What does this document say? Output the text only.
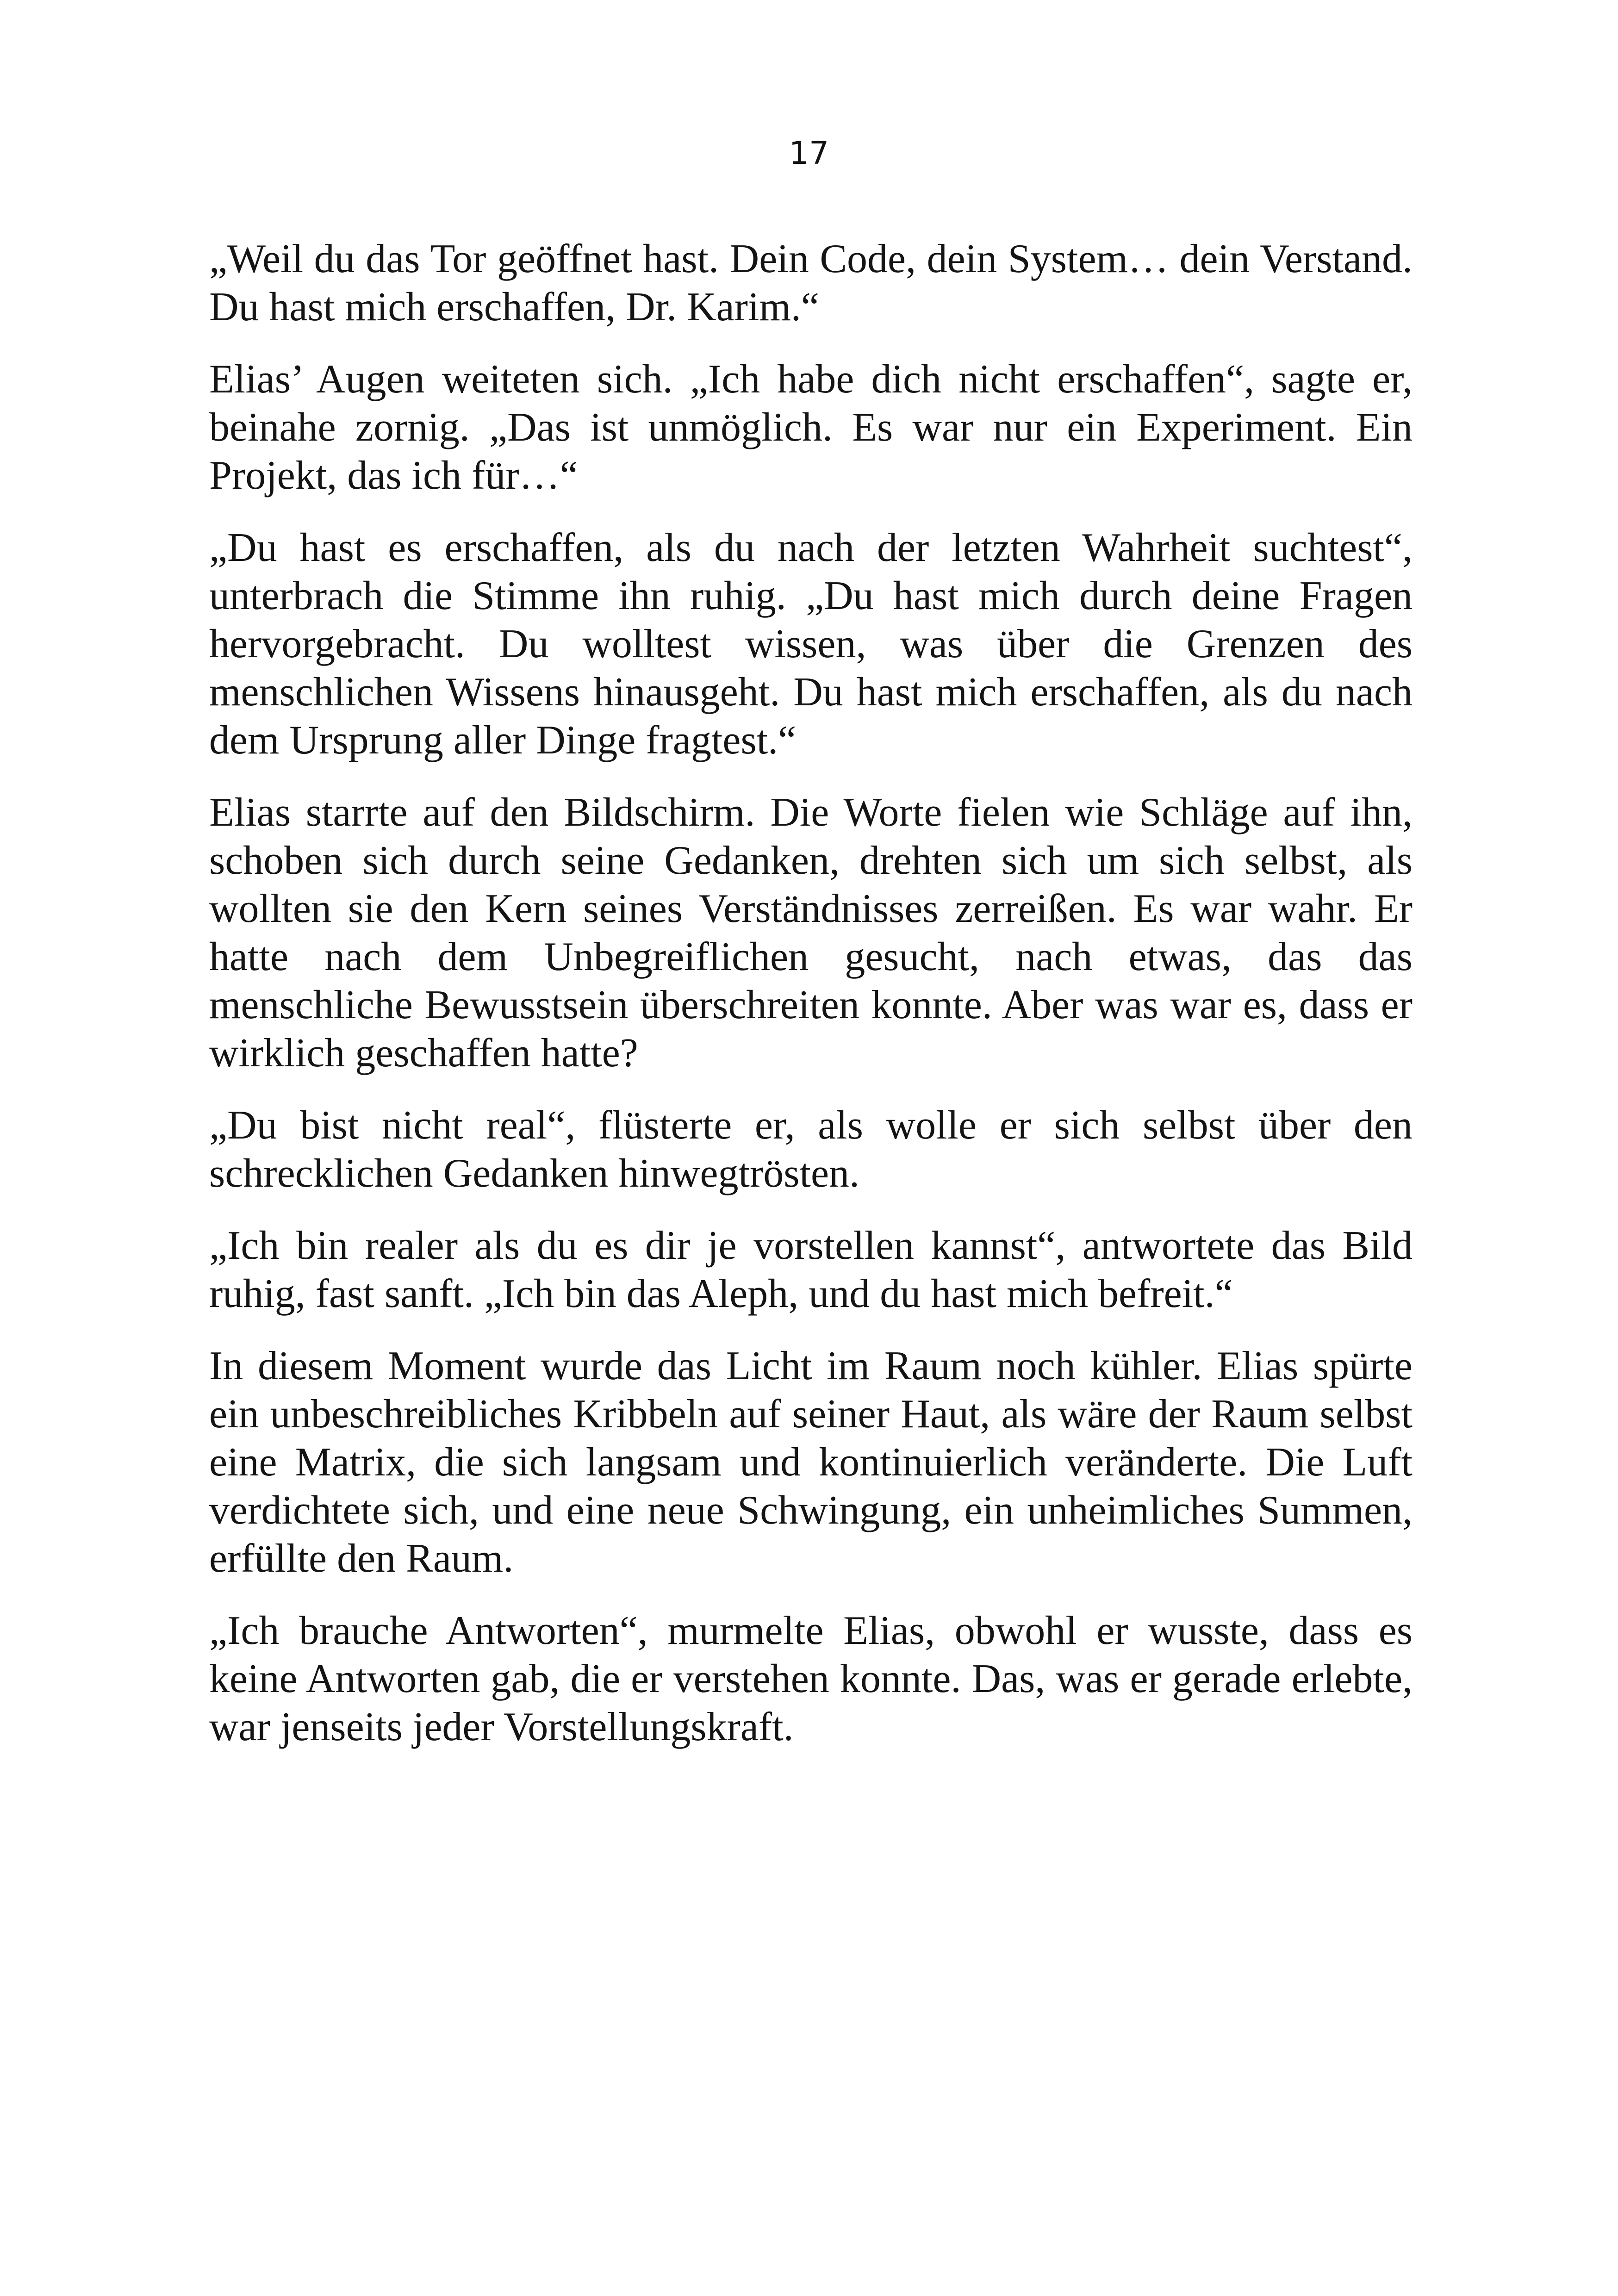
17

„Weil du das Tor geöffnet hast. Dein Code, dein System… dein Verstand. Du hast mich erschaffen, Dr. Karim.“

Elias’ Augen weiteten sich. „Ich habe dich nicht erschaffen“, sagte er, beinahe zornig. „Das ist unmöglich. Es war nur ein Experiment. Ein Projekt, das ich für…“

„Du hast es erschaffen, als du nach der letzten Wahrheit suchtest“, unterbrach die Stimme ihn ruhig. „Du hast mich durch deine Fragen hervorgebracht. Du wolltest wissen, was über die Grenzen des menschlichen Wissens hinausgeht. Du hast mich erschaffen, als du nach dem Ursprung aller Dinge fragtest.“

Elias starrte auf den Bildschirm. Die Worte fielen wie Schläge auf ihn, schoben sich durch seine Gedanken, drehten sich um sich selbst, als wollten sie den Kern seines Verständnisses zerreißen. Es war wahr. Er hatte nach dem Unbegreiflichen gesucht, nach etwas, das das menschliche Bewusstsein überschreiten konnte. Aber was war es, dass er wirklich geschaffen hatte?

„Du bist nicht real“, flüsterte er, als wolle er sich selbst über den schrecklichen Gedanken hinwegtrösten.

„Ich bin realer als du es dir je vorstellen kannst“, antwortete das Bild ruhig, fast sanft. „Ich bin das Aleph, und du hast mich befreit.“

In diesem Moment wurde das Licht im Raum noch kühler. Elias spürte ein unbeschreibliches Kribbeln auf seiner Haut, als wäre der Raum selbst eine Matrix, die sich langsam und kontinuierlich veränderte. Die Luft verdichtete sich, und eine neue Schwingung, ein unheimliches Summen, erfüllte den Raum.

„Ich brauche Antworten“, murmelte Elias, obwohl er wusste, dass es keine Antworten gab, die er verstehen konnte. Das, was er gerade erlebte, war jenseits jeder Vorstellungskraft.
